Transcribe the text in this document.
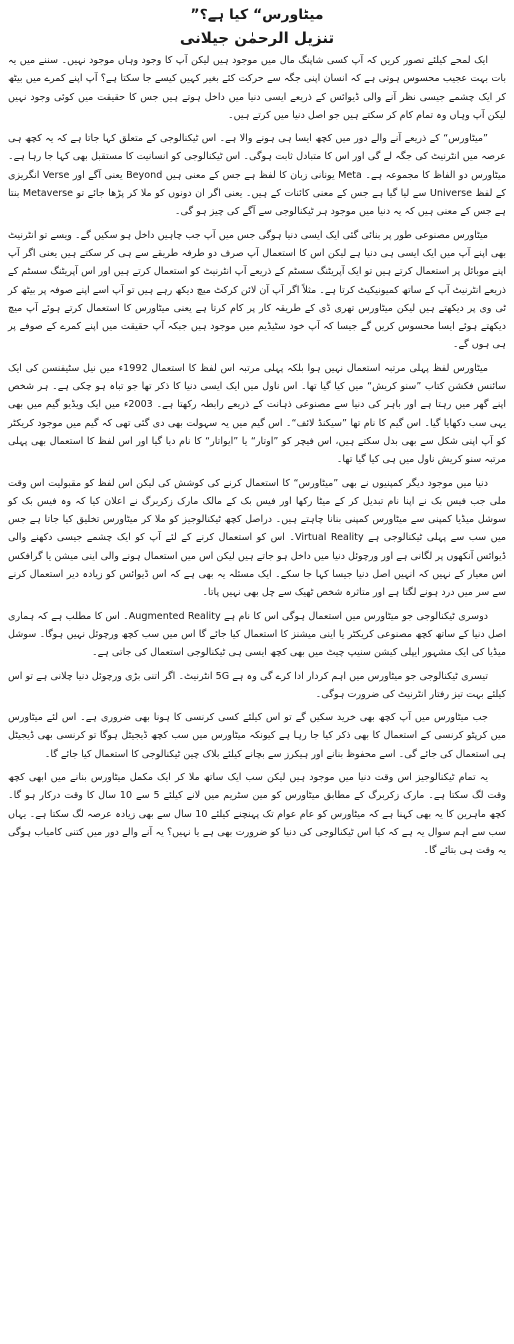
”میٹاورس“ کیا ہے؟
تنزیل الرحمٰن جیلانی

ایک لمحے کیلئے تصور کریں کہ آپ کسی شاپنگ مال میں موجود ہیں لیکن آپ کا وجود وہاں موجود نہیں۔ سننے میں یہ بات بہت عجیب محسوس ہوتی ہے کہ انسان اپنی جگہ سے حرکت کئے بغیر کہیں کیسے جا سکتا ہے؟ آپ اپنے کمرے میں بیٹھ کر ایک چشمے جیسی نظر آنے والی ڈیوائس کے ذریعے ایسی دنیا میں داخل ہوتے ہیں جس کا حقیقت میں کوئی وجود نہیں لیکن آپ وہاں وہ تمام کام کر سکتے ہیں جو اصل دنیا میں کرتے ہیں۔

”میٹاورس“ کے ذریعے آنے والے دور میں کچھ ایسا ہی ہونے والا ہے۔ اس ٹیکنالوجی کے متعلق کہا جاتا ہے کہ یہ کچھ ہی عرصہ میں انٹرنیٹ کی جگہ لے گی اور اس کا متبادل ثابت ہوگی۔ اس ٹیکنالوجی کو انسانیت کا مستقبل بھی کہا جا رہا ہے۔ میٹاورس دو الفاظ کا مجموعہ ہے۔ Meta یونانی زبان کا لفظ ہے جس کے معنی ہیں Beyond یعنی آگے اور Verse انگریزی کے لفظ Universe سے لیا گیا ہے جس کے معنی کائنات کے ہیں۔ یعنی اگر ان دونوں کو ملا کر پڑھا جائے تو Metaverse بنتا ہے جس کے معنی ہیں کہ یہ دنیا میں موجود ہر ٹیکنالوجی سے آگے کی چیز ہو گی۔

میٹاورس مصنوعی طور پر بنائی گئی ایک ایسی دنیا ہوگی جس میں آپ جب چاہیں داخل ہو سکیں گے۔ ویسے تو انٹرنیٹ بھی اپنے آپ میں ایک ایسی ہی دنیا ہے لیکن اس کا استعمال آپ صرف دو طرفہ طریقے سے ہی کر سکتے ہیں یعنی اگر آپ اپنے موبائل پر استعمال کرتے ہیں تو ایک آپریٹنگ سسٹم کے ذریعے آپ انٹرنیٹ کو استعمال کرتے ہیں اور اس آپریٹنگ سسٹم کے ذریعے انٹرنیٹ آپ کے ساتھ کمیونیکیٹ کرتا ہے۔ مثلاً اگر آپ آن لائن کرکٹ میچ دیکھ رہے ہیں تو آپ اسے اپنے صوفہ پر بیٹھ کر ٹی وی پر دیکھتے ہیں لیکن میٹاورس تھری ڈی کے طریقہ کار پر کام کرتا ہے یعنی میٹاورس کا استعمال کرتے ہوئے آپ میچ دیکھتے ہوئے ایسا محسوس کریں گے جیسا کہ آپ خود سٹیڈیم میں موجود ہیں جبکہ آپ حقیقت میں اپنے کمرے کے صوفے پر ہی ہوں گے۔

میٹاورس لفظ پہلی مرتبہ استعمال نہیں ہوا بلکہ پہلی مرتبہ اس لفظ کا استعمال 1992ء میں نیل سٹیفنسن کی ایک سائنس فکشن کتاب ”سنو کریش“ میں کیا گیا تھا۔ اس ناول میں ایک ایسی دنیا کا ذکر تھا جو تباہ ہو چکی ہے۔ ہر شخص اپنے گھر میں رہتا ہے اور باہر کی دنیا سے مصنوعی ذہانت کے ذریعے رابطہ رکھتا ہے۔ 2003ء میں ایک ویڈیو گیم میں بھی یہی سب دکھایا گیا۔ اس گیم کا نام تھا ”سیکنڈ لائف“۔ اس گیم میں یہ سہولت بھی دی گئی تھی کہ گیم میں موجود کریکٹر کو آپ اپنی شکل سے بھی بدل سکتے ہیں، اس فیچر کو ”اوتار“ یا ”ایواتار“ کا نام دیا گیا اور اس لفظ کا استعمال بھی پہلی مرتبہ سنو کریش ناول میں ہی کیا گیا تھا۔

دنیا میں موجود دیگر کمپنیوں نے بھی ”میٹاورس“ کا استعمال کرنے کی کوشش کی لیکن اس لفظ کو مقبولیت اس وقت ملی جب فیس بک نے اپنا نام تبدیل کر کے میٹا رکھا اور فیس بک کے مالک مارک زکربرگ نے اعلان کیا کہ وہ فیس بک کو سوشل میڈیا کمپنی سے میٹاورس کمپنی بنانا چاہتے ہیں۔ دراصل کچھ ٹیکنالوجیز کو ملا کر میٹاورس تخلیق کیا جاتا ہے جس میں سب سے پہلی ٹیکنالوجی ہے Virtual Reality۔ اس کو استعمال کرنے کے لئے آپ کو ایک چشمے جیسی دکھنے والی ڈیوائس آنکھوں پر لگانی ہے اور ورچوئل دنیا میں داخل ہو جاتے ہیں لیکن اس میں استعمال ہونے والی اینی میشن یا گرافکس اس معیار کے نہیں کہ انہیں اصل دنیا جیسا کہا جا سکے۔ ایک مسئلہ یہ بھی ہے کہ اس ڈیوائس کو زیادہ دیر استعمال کرنے سے سر میں درد ہونے لگتا ہے اور متاثرہ شخص ٹھیک سے چل بھی نہیں پاتا۔

دوسری ٹیکنالوجی جو میٹاورس میں استعمال ہوگی اس کا نام ہے Augmented Reality۔ اس کا مطلب ہے کہ ہماری اصل دنیا کے ساتھ کچھ مصنوعی کریکٹر یا اینی میشنز کا استعمال کیا جائے گا اس میں سب کچھ ورچوئل نہیں ہوگا۔ سوشل میڈیا کی ایک مشہور ایپلی کیشن سنیپ چیٹ میں بھی کچھ ایسی ہی ٹیکنالوجی استعمال کی جاتی ہے۔

تیسری ٹیکنالوجی جو میٹاورس میں اہم کردار ادا کرے گی وہ ہے 5G انٹرنیٹ۔ اگر اتنی بڑی ورچوئل دنیا چلانی ہے تو اس کیلئے بہت تیز رفتار انٹرنیٹ کی ضرورت ہوگی۔

جب میٹاورس میں آپ کچھ بھی خرید سکیں گے تو اس کیلئے کسی کرنسی کا ہونا بھی ضروری ہے۔ اس لئے میٹاورس میں کرپٹو کرنسی کے استعمال کا بھی ذکر کیا جا رہا ہے کیونکہ میٹاورس میں سب کچھ ڈیجیٹل ہوگا تو کرنسی بھی ڈیجیٹل ہی استعمال کی جائے گی۔ اسے محفوظ بنانے اور ہیکرز سے بچانے کیلئے بلاک چین ٹیکنالوجی کا استعمال کیا جائے گا۔

یہ تمام ٹیکنالوجیز اس وقت دنیا میں موجود ہیں لیکن سب ایک ساتھ ملا کر ایک مکمل میٹاورس بنانے میں ابھی کچھ وقت لگ سکتا ہے۔ مارک زکربرگ کے مطابق میٹاورس کو مین سٹریم میں لانے کیلئے 5 سے 10 سال کا وقت درکار ہو گا۔ کچھ ماہرین کا یہ بھی کہنا ہے کہ میٹاورس کو عام عوام تک پہنچنے کیلئے 10 سال سے بھی زیادہ عرصہ لگ سکتا ہے۔ یہاں سب سے اہم سوال یہ ہے کہ کیا اس ٹیکنالوجی کی دنیا کو ضرورت بھی ہے یا نہیں؟ یہ آنے والے دور میں کتنی کامیاب ہوگی یہ وقت ہی بتائے گا۔
